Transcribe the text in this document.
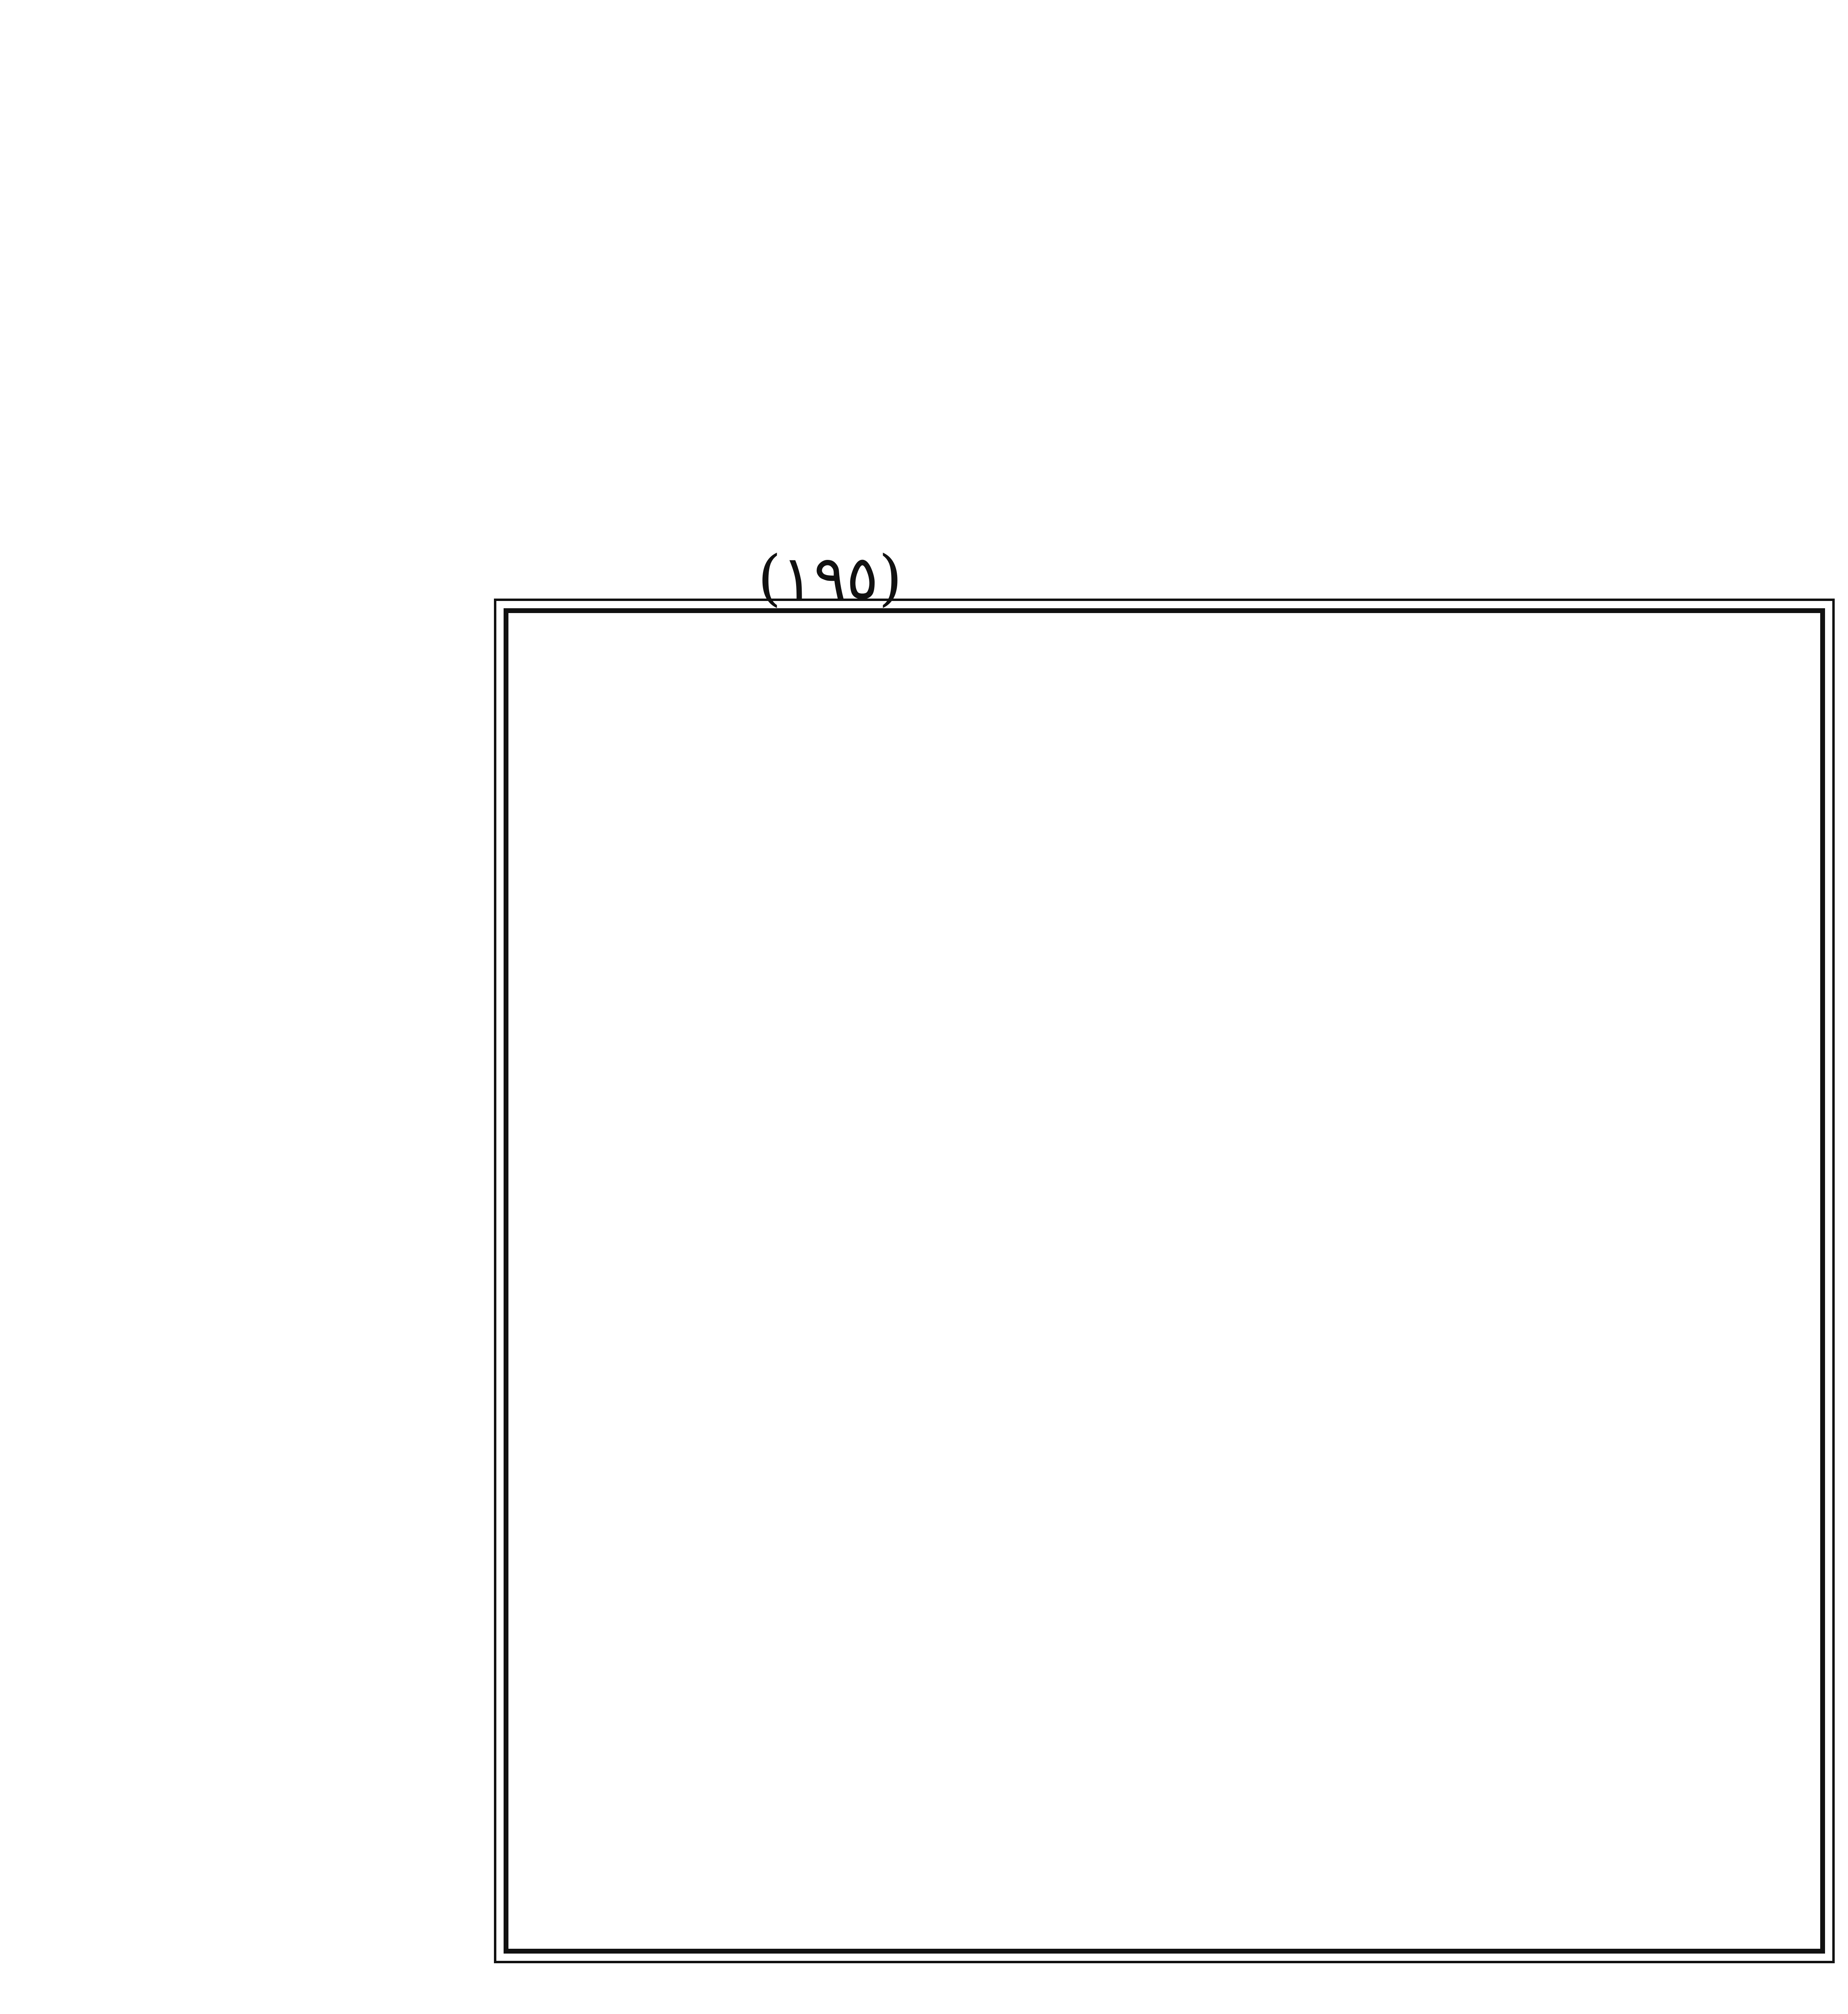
(١٩٥)
